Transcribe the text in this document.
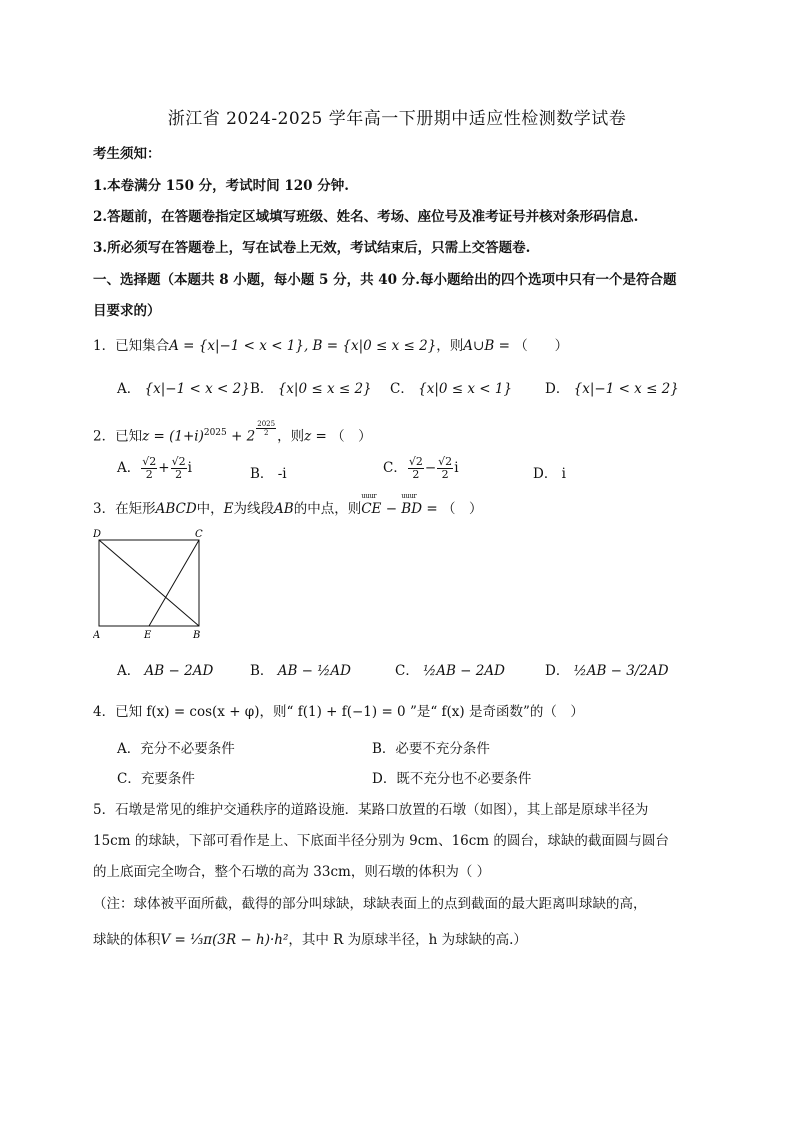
浙江省 2024-2025 学年高一下册期中适应性检测数学试卷
考生须知：
1.本卷满分 150 分，考试时间 120 分钟.
2.答题前，在答题卷指定区域填写班级、姓名、考场、座位号及准考证号并核对条形码信息.
3.所必须写在答题卷上，写在试卷上无效，考试结束后，只需上交答题卷.
一、选择题（本题共 8 小题，每小题 5 分，共 40 分.每小题给出的四个选项中只有一个是符合题
目要求的）
1．已知集合A = {x|−1 < x < 1}, B = {x|0 ≤ x ≤ 2}，则A∪B = （　　）
A． {x|−1 < x < 2} B． {x|0 ≤ x ≤ 2} C． {x|0 ≤ x < 1} D． {x|−1 < x ≤ 2}
2．已知$z = (1+i)^{2025} + 2 \frac{2025}{2}$ ，则z = （　）
A． $\frac{√2}{2} + \frac{√2}{2}$ i	B． -i	C． $\frac{√2}{2} - \frac{√2}{2}$ i	D． i
3．在矩形ABCD中，E为线段AB的中点，则uuur CE − uuur BD = （　）
D	C
A	E	B
A． AB − 2AD	B． AB − ½AD	C． ½AB − 2AD	D． ½AB − 3/2AD
4．已知 f(x) = cos(x + φ)，则“ f(1) + f(−1) = 0 ”是“ f(x) 是奇函数”的（　）
A．充分不必要条件	B．必要不充分条件
C．充要条件	D．既不充分也不必要条件
5．石墩是常见的维护交通秩序的道路设施．某路口放置的石墩（如图），其上部是原球半径为
15cm 的球缺，下部可看作是上、下底面半径分别为 9cm、16cm 的圆台，球缺的截面圆与圆台
的上底面完全吻合，整个石墩的高为 33cm，则石墩的体积为（ ）
（注：球体被平面所截，截得的部分叫球缺，球缺表面上的点到截面的最大距离叫球缺的高，
球缺的体积V = ⅓π(3R − h)·h²，其中 R 为原球半径，h 为球缺的高.）
